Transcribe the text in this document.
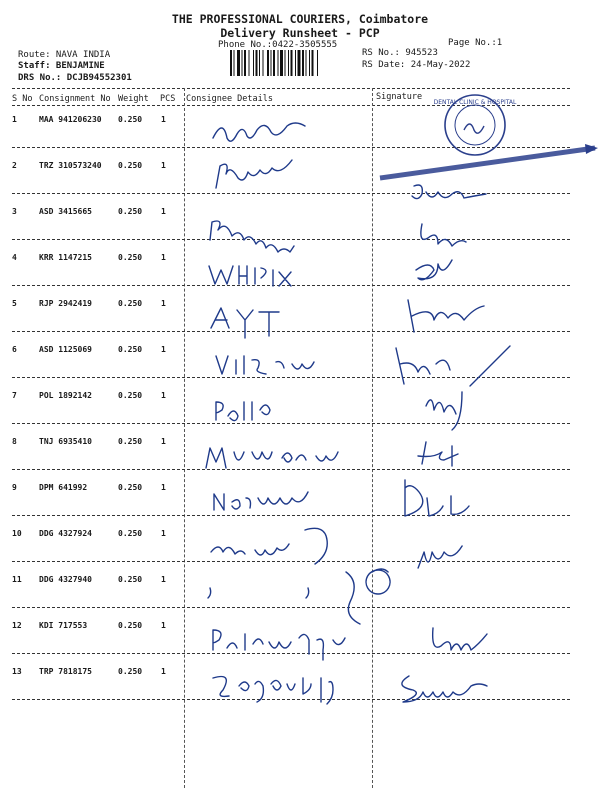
THE PROFESSIONAL COURIERS, Coimbatore
Delivery Runsheet - PCP
Phone No.:0422-3505555	Page No.:1
Route: NAVA INDIA
Staff: BENJAMINE
DRS No.: DCJB94552301
RS No.: 945523
RS Date: 24-May-2022
S No Consignment No Weight PCS Consignee Details	Signature
1	MAA 941206230 0.250 1
2	TRZ 310573240 0.250 1
3	ASD 3415665	0.250 1
4	KRR 1147215	0.250 1
5	RJP 2942419	0.250 1
6	ASD 1125069	0.250 1
7	POL 1892142	0.250 1
8	TNJ 6935410	0.250 1
9	DPM 641992	0.250 1
10 DDG 4327924	0.250 1
11 DDG 4327940	0.250 1
12 KDI 717553	0.250 1
13 TRP 7818175	0.250 1
DENTAL CLINIC & HOSPITAL
